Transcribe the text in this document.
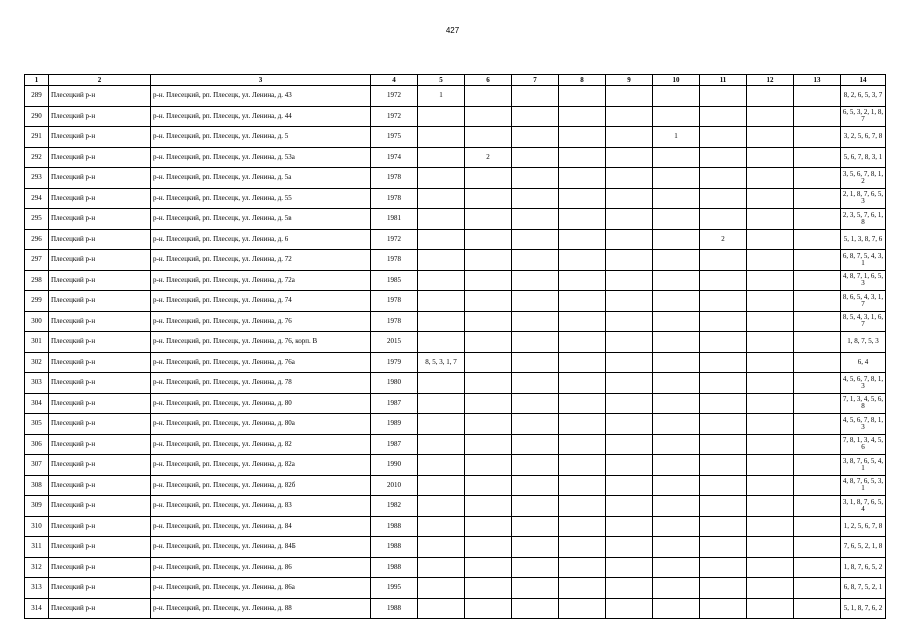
427
1	2	3	4	5	6	7	8	9	10	11	12	13	14
289	Плесецкий р-н	р-н. Плесецкий, рп. Плесецк, ул. Ленина, д. 43	1972	1									8, 2, 6, 5, 3, 7
290	Плесецкий р-н	р-н. Плесецкий, рп. Плесецк, ул. Ленина, д. 44	1972										6, 5, 3, 2, 1, 8, 7
291	Плесецкий р-н	р-н. Плесецкий, рп. Плесецк, ул. Ленина, д. 5	1975						1				3, 2, 5, 6, 7, 8
292	Плесецкий р-н	р-н. Плесецкий, рп. Плесецк, ул. Ленина, д. 53а	1974		2								5, 6, 7, 8, 3, 1
293	Плесецкий р-н	р-н. Плесецкий, рп. Плесецк, ул. Ленина, д. 5а	1978										3, 5, 6, 7, 8, 1, 2
294	Плесецкий р-н	р-н. Плесецкий, рп. Плесецк, ул. Ленина, д. 55	1978										2, 1, 8, 7, 6, 5, 3
295	Плесецкий р-н	р-н. Плесецкий, рп. Плесецк, ул. Ленина, д. 5в	1981										2, 3, 5, 7, 6, 1, 8
296	Плесецкий р-н	р-н. Плесецкий, рп. Плесецк, ул. Ленина, д. 6	1972							2			5, 1, 3, 8, 7, 6
297	Плесецкий р-н	р-н. Плесецкий, рп. Плесецк, ул. Ленина, д. 72	1978										6, 8, 7, 5, 4, 3, 1
298	Плесецкий р-н	р-н. Плесецкий, рп. Плесецк, ул. Ленина, д. 72а	1985										4, 8, 7, 1, 6, 5, 3
299	Плесецкий р-н	р-н. Плесецкий, рп. Плесецк, ул. Ленина, д. 74	1978										8, 6, 5, 4, 3, 1, 7
300	Плесецкий р-н	р-н. Плесецкий, рп. Плесецк, ул. Ленина, д. 76	1978										8, 5, 4, 3, 1, 6, 7
301	Плесецкий р-н	р-н. Плесецкий, рп. Плесецк, ул. Ленина, д. 76, корп. В	2015										1, 8, 7, 5, 3
302	Плесецкий р-н	р-н. Плесецкий, рп. Плесецк, ул. Ленина, д. 76а	1979	8, 5, 3, 1, 7									6, 4
303	Плесецкий р-н	р-н. Плесецкий, рп. Плесецк, ул. Ленина, д. 78	1980										4, 5, 6, 7, 8, 1, 3
304	Плесецкий р-н	р-н. Плесецкий, рп. Плесецк, ул. Ленина, д. 80	1987										7, 1, 3, 4, 5, 6, 8
305	Плесецкий р-н	р-н. Плесецкий, рп. Плесецк, ул. Ленина, д. 80а	1989										4, 5, 6, 7, 8, 1, 3
306	Плесецкий р-н	р-н. Плесецкий, рп. Плесецк, ул. Ленина, д. 82	1987										7, 8, 1, 3, 4, 5, 6
307	Плесецкий р-н	р-н. Плесецкий, рп. Плесецк, ул. Ленина, д. 82а	1990										3, 8, 7, 6, 5, 4, 1
308	Плесецкий р-н	р-н. Плесецкий, рп. Плесецк, ул. Ленина, д. 82б	2010										4, 8, 7, 6, 5, 3, 1
309	Плесецкий р-н	р-н. Плесецкий, рп. Плесецк, ул. Ленина, д. 83	1982										3, 1, 8, 7, 6, 5, 4
310	Плесецкий р-н	р-н. Плесецкий, рп. Плесецк, ул. Ленина, д. 84	1988										1, 2, 5, 6, 7, 8
311	Плесецкий р-н	р-н. Плесецкий, рп. Плесецк, ул. Ленина, д. 84Б	1988										7, 6, 5, 2, 1, 8
312	Плесецкий р-н	р-н. Плесецкий, рп. Плесецк, ул. Ленина, д. 86	1988										1, 8, 7, 6, 5, 2
313	Плесецкий р-н	р-н. Плесецкий, рп. Плесецк, ул. Ленина, д. 86а	1995										6, 8, 7, 5, 2, 1
314	Плесецкий р-н	р-н. Плесецкий, рп. Плесецк, ул. Ленина, д. 88	1988										5, 1, 8, 7, 6, 2
